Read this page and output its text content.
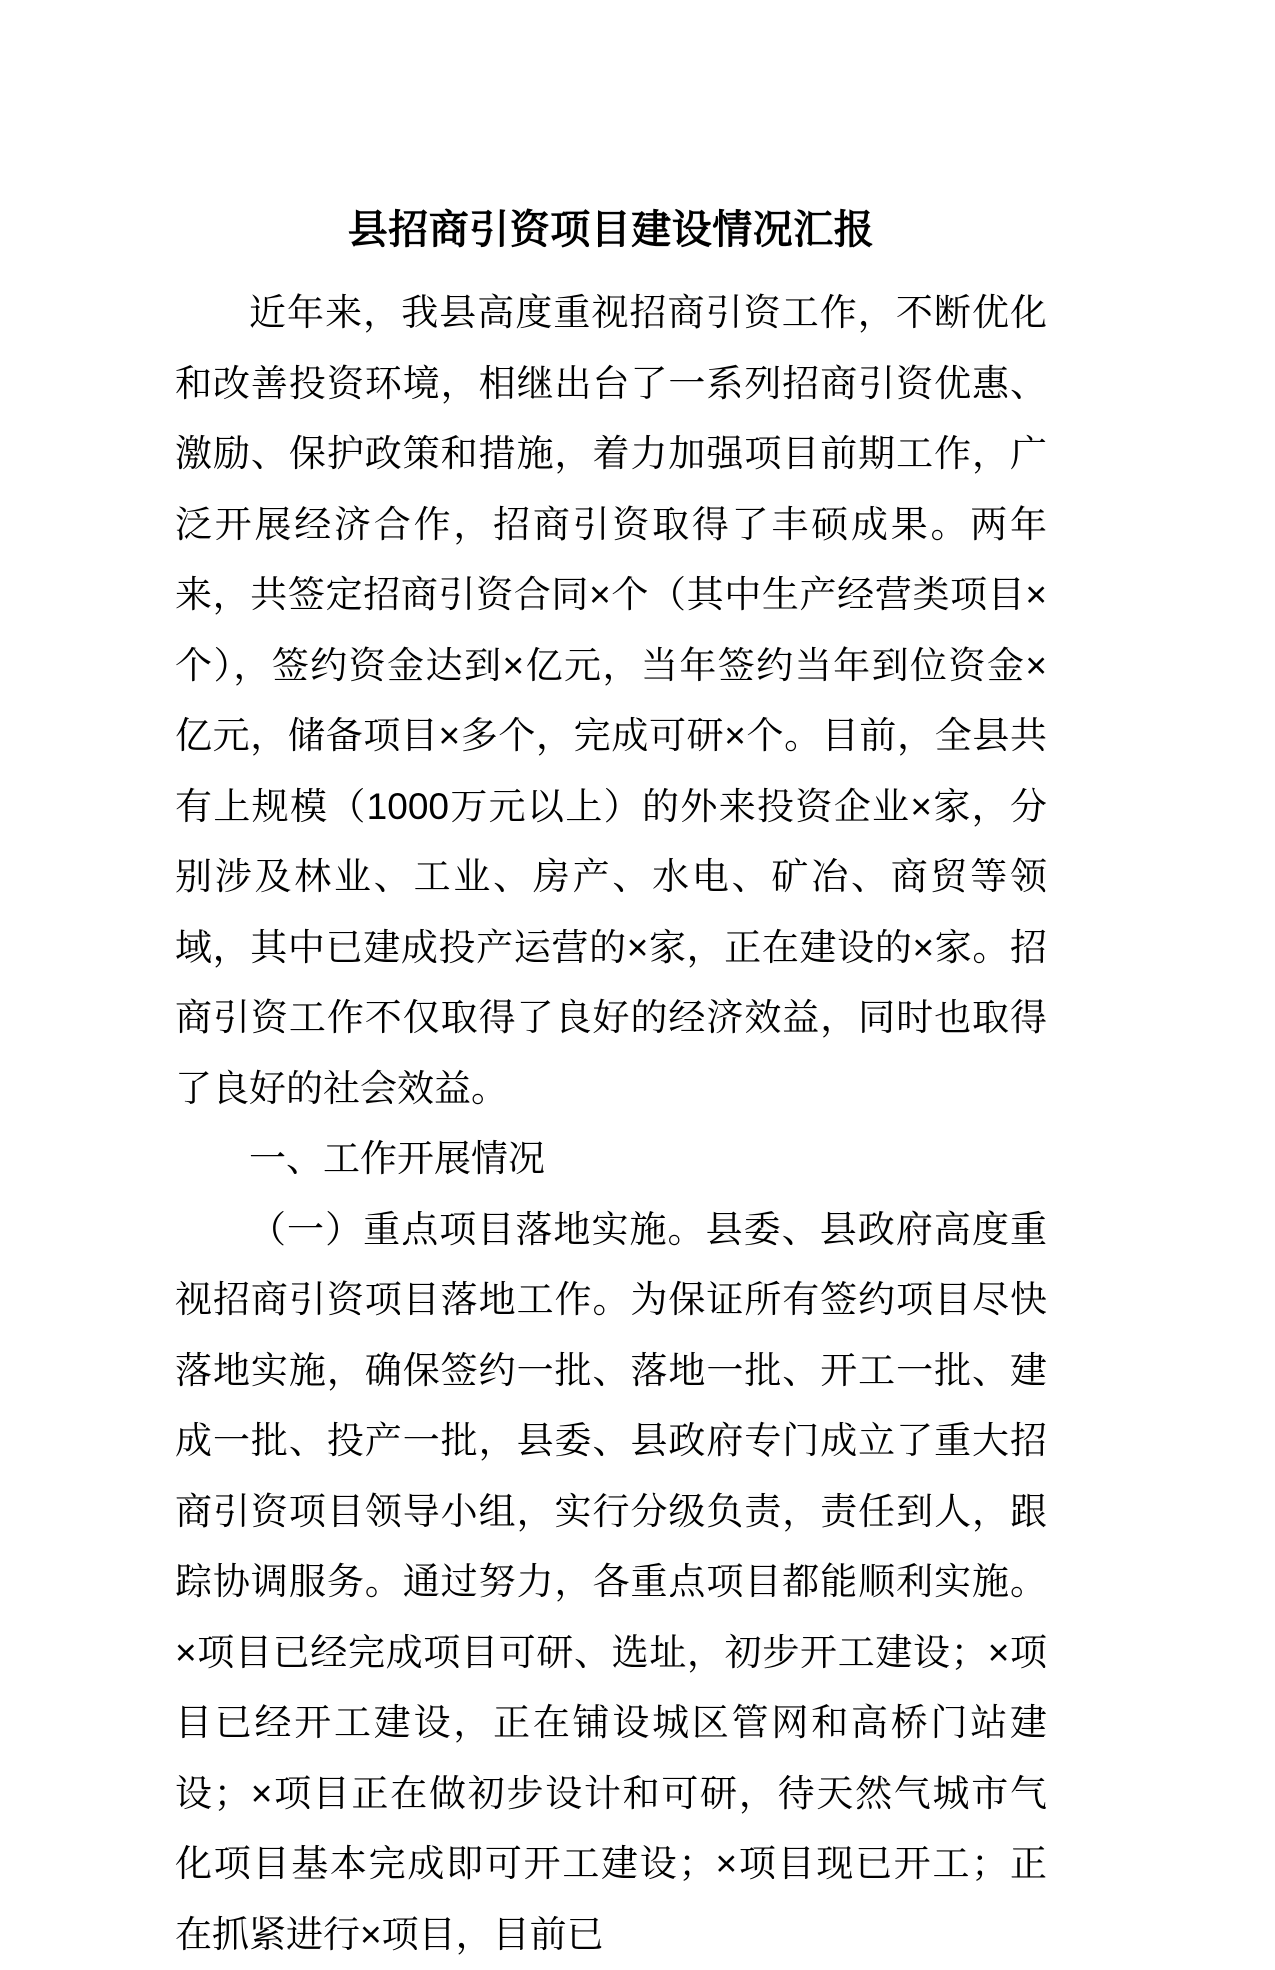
县招商引资项目建设情况汇报

近年来，我县高度重视招商引资工作，不断优化和改善投资环境，相继出台了一系列招商引资优惠、激励、保护政策和措施，着力加强项目前期工作，广泛开展经济合作，招商引资取得了丰硕成果。两年来，共签定招商引资合同×个（其中生产经营类项目×个），签约资金达到×亿元，当年签约当年到位资金×亿元，储备项目×多个，完成可研×个。目前，全县共有上规模（1000万元以上）的外来投资企业×家，分别涉及林业、工业、房产、水电、矿冶、商贸等领域，其中已建成投产运营的×家，正在建设的×家。招商引资工作不仅取得了良好的经济效益，同时也取得了良好的社会效益。

一、工作开展情况

（一）重点项目落地实施。县委、县政府高度重视招商引资项目落地工作。为保证所有签约项目尽快落地实施，确保签约一批、落地一批、开工一批、建成一批、投产一批，县委、县政府专门成立了重大招商引资项目领导小组，实行分级负责，责任到人，跟踪协调服务。通过努力，各重点项目都能顺利实施。×项目已经完成项目可研、选址，初步开工建设；×项目已经开工建设，正在铺设城区管网和高桥门站建设；×项目正在做初步设计和可研，待天然气城市气化项目基本完成即可开工建设；×项目现已开工；正在抓紧进行×项目，目前已
